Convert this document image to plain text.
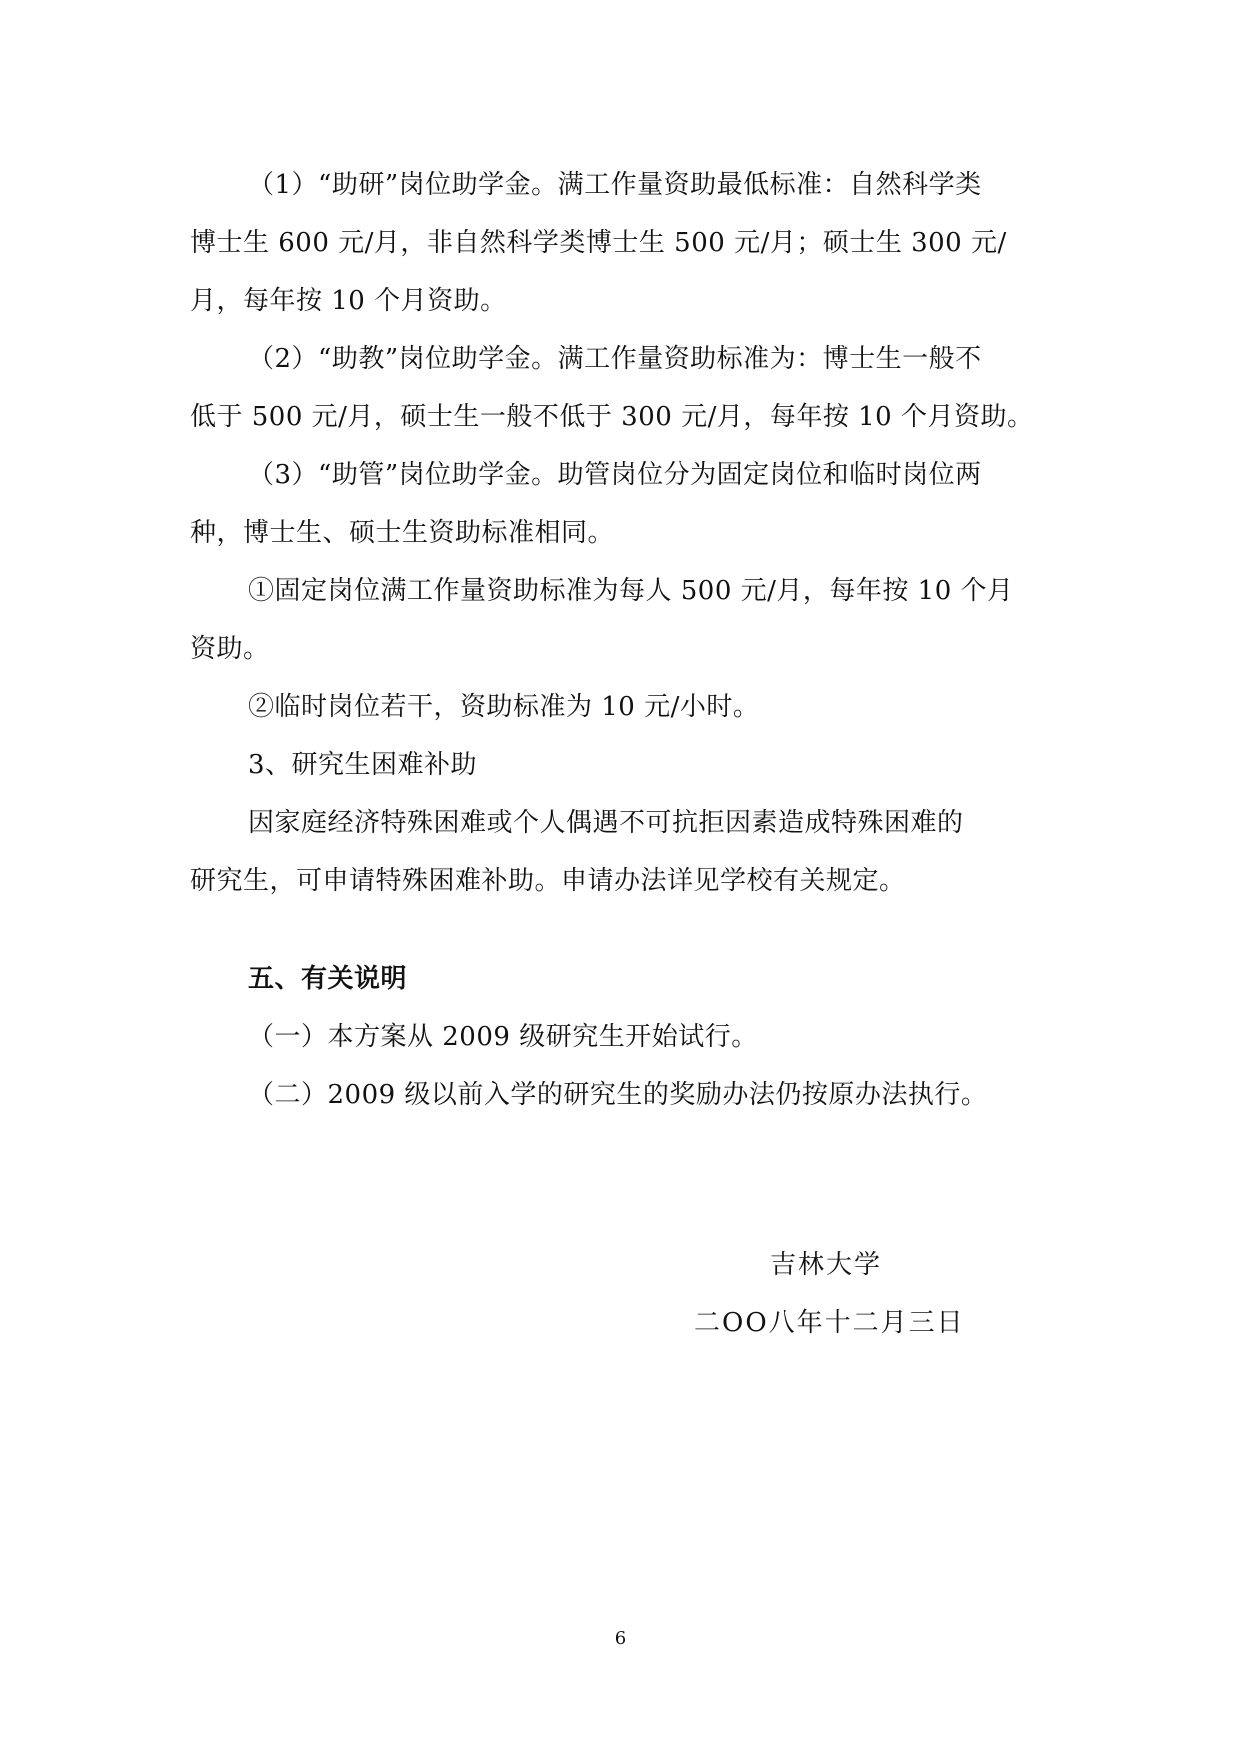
（1）“助研”岗位助学金。满工作量资助最低标准：自然科学类
博士生 600 元/月，非自然科学类博士生 500 元/月；硕士生 300 元/
月，每年按 10 个月资助。
（2）“助教”岗位助学金。满工作量资助标准为：博士生一般不
低于 500 元/月，硕士生一般不低于 300 元/月，每年按 10 个月资助。
（3）“助管”岗位助学金。助管岗位分为固定岗位和临时岗位两
种，博士生、硕士生资助标准相同。
①固定岗位满工作量资助标准为每人 500 元/月，每年按 10 个月
资助。
②临时岗位若干，资助标准为 10 元/小时。
3、研究生困难补助
因家庭经济特殊困难或个人偶遇不可抗拒因素造成特殊困难的
研究生，可申请特殊困难补助。申请办法详见学校有关规定。
五、有关说明
（一）本方案从 2009 级研究生开始试行。
（二）2009 级以前入学的研究生的奖励办法仍按原办法执行。
吉林大学
二OO八年十二月三日
6
